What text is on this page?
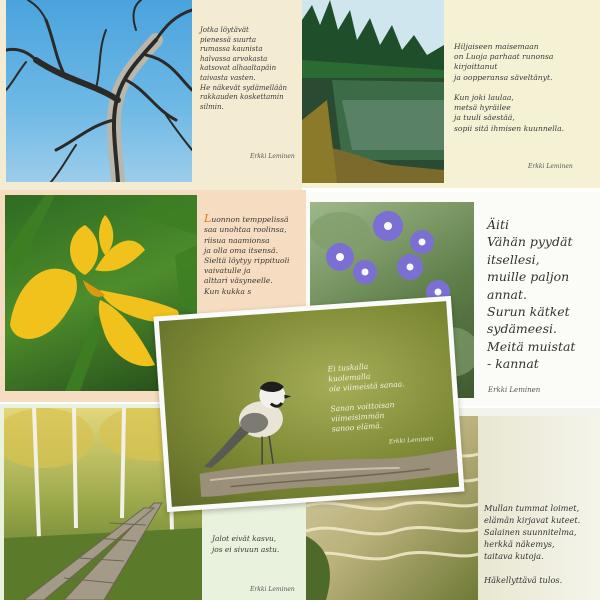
Jotka löytävät
pienessä suurta
rumassa kaunista
halvassa arvokasta
katsovat alhaaltapäin
taivasta vasten.
He näkevät sydämellään
rakkauden koskettamin
silmin.
Erkki Leminen
Hiljaiseen maisemaan
on Luoja parhaat runonsa
kirjoittanut
ja oopperansa säveltänyt.

Kun joki laulaa,
metsä hyräilee
ja tuuli säestää,
sopii sitä ihmisen kuunnella.
Erkki Leminen

Luonnon temppelissä
saa unohtaa roolinsa,
riisua naamionsa
ja olla oma itsensä.
Sieltä löytyy rippituoli
vaivatulle ja
alttari väsyneelle.
Kun kukka s

Äiti
Vähän pyydät
itsellesi,
muille paljon
annat.
Surun kätket
sydämeesi.
Meitä muistat
- kannat
Erkki Leminen
Jalot eivät kasvu,
jos ei sivuun astu.
Erkki Leminen
Mullan tummat loimet,
elämän kirjavat kuteet.
Salainen suunnitelma,
herkkä näkemys,
taitava kutoja.

Häkellyttävä tulos.
Ei tuskalla
kuolemalla
ole viimeistä sanaa.

Sanan voittoisan
viimeisimmän
sanoo elämä.
Erkki Leminen
